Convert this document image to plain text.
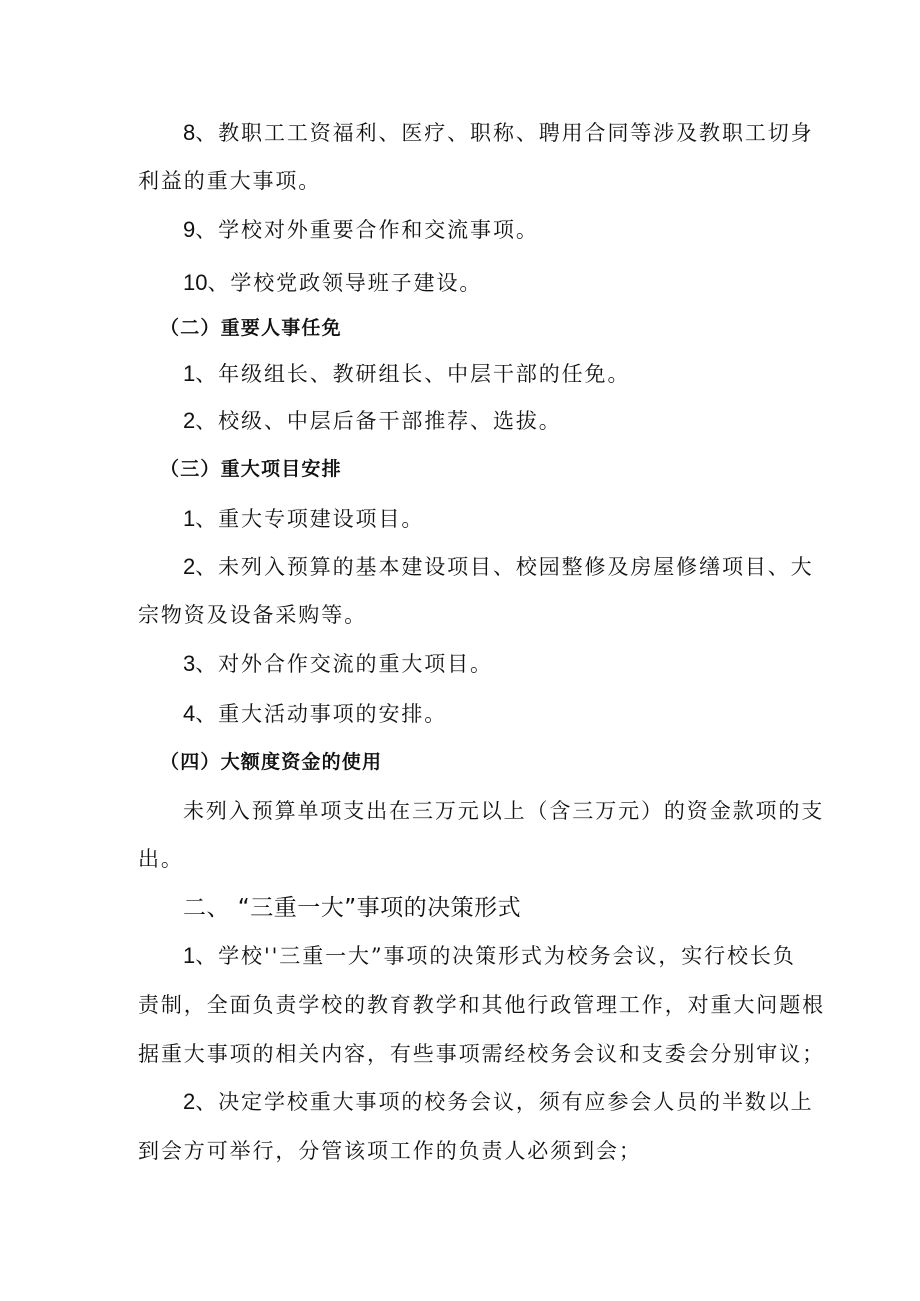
8、教职工工资福利、医疗、职称、聘用合同等涉及教职工切身
利益的重大事项。
9、学校对外重要合作和交流事项。
10、学校党政领导班子建设。
（二）重要人事任免
1、年级组长、教研组长、中层干部的任免。
2、校级、中层后备干部推荐、选拔。
（三）重大项目安排
1、重大专项建设项目。
2、未列入预算的基本建设项目、校园整修及房屋修缮项目、大
宗物资及设备采购等。
3、对外合作交流的重大项目。
4、重大活动事项的安排。
（四）大额度资金的使用
未列入预算单项支出在三万元以上（含三万元）的资金款项的支
出。
二、 “三重一大”事项的决策形式
1、学校''三重一大”事项的决策形式为校务会议，实行校长负
责制，全面负责学校的教育教学和其他行政管理工作，对重大问题根
据重大事项的相关内容，有些事项需经校务会议和支委会分别审议；
2、决定学校重大事项的校务会议，须有应参会人员的半数以上
到会方可举行，分管该项工作的负责人必须到会；
